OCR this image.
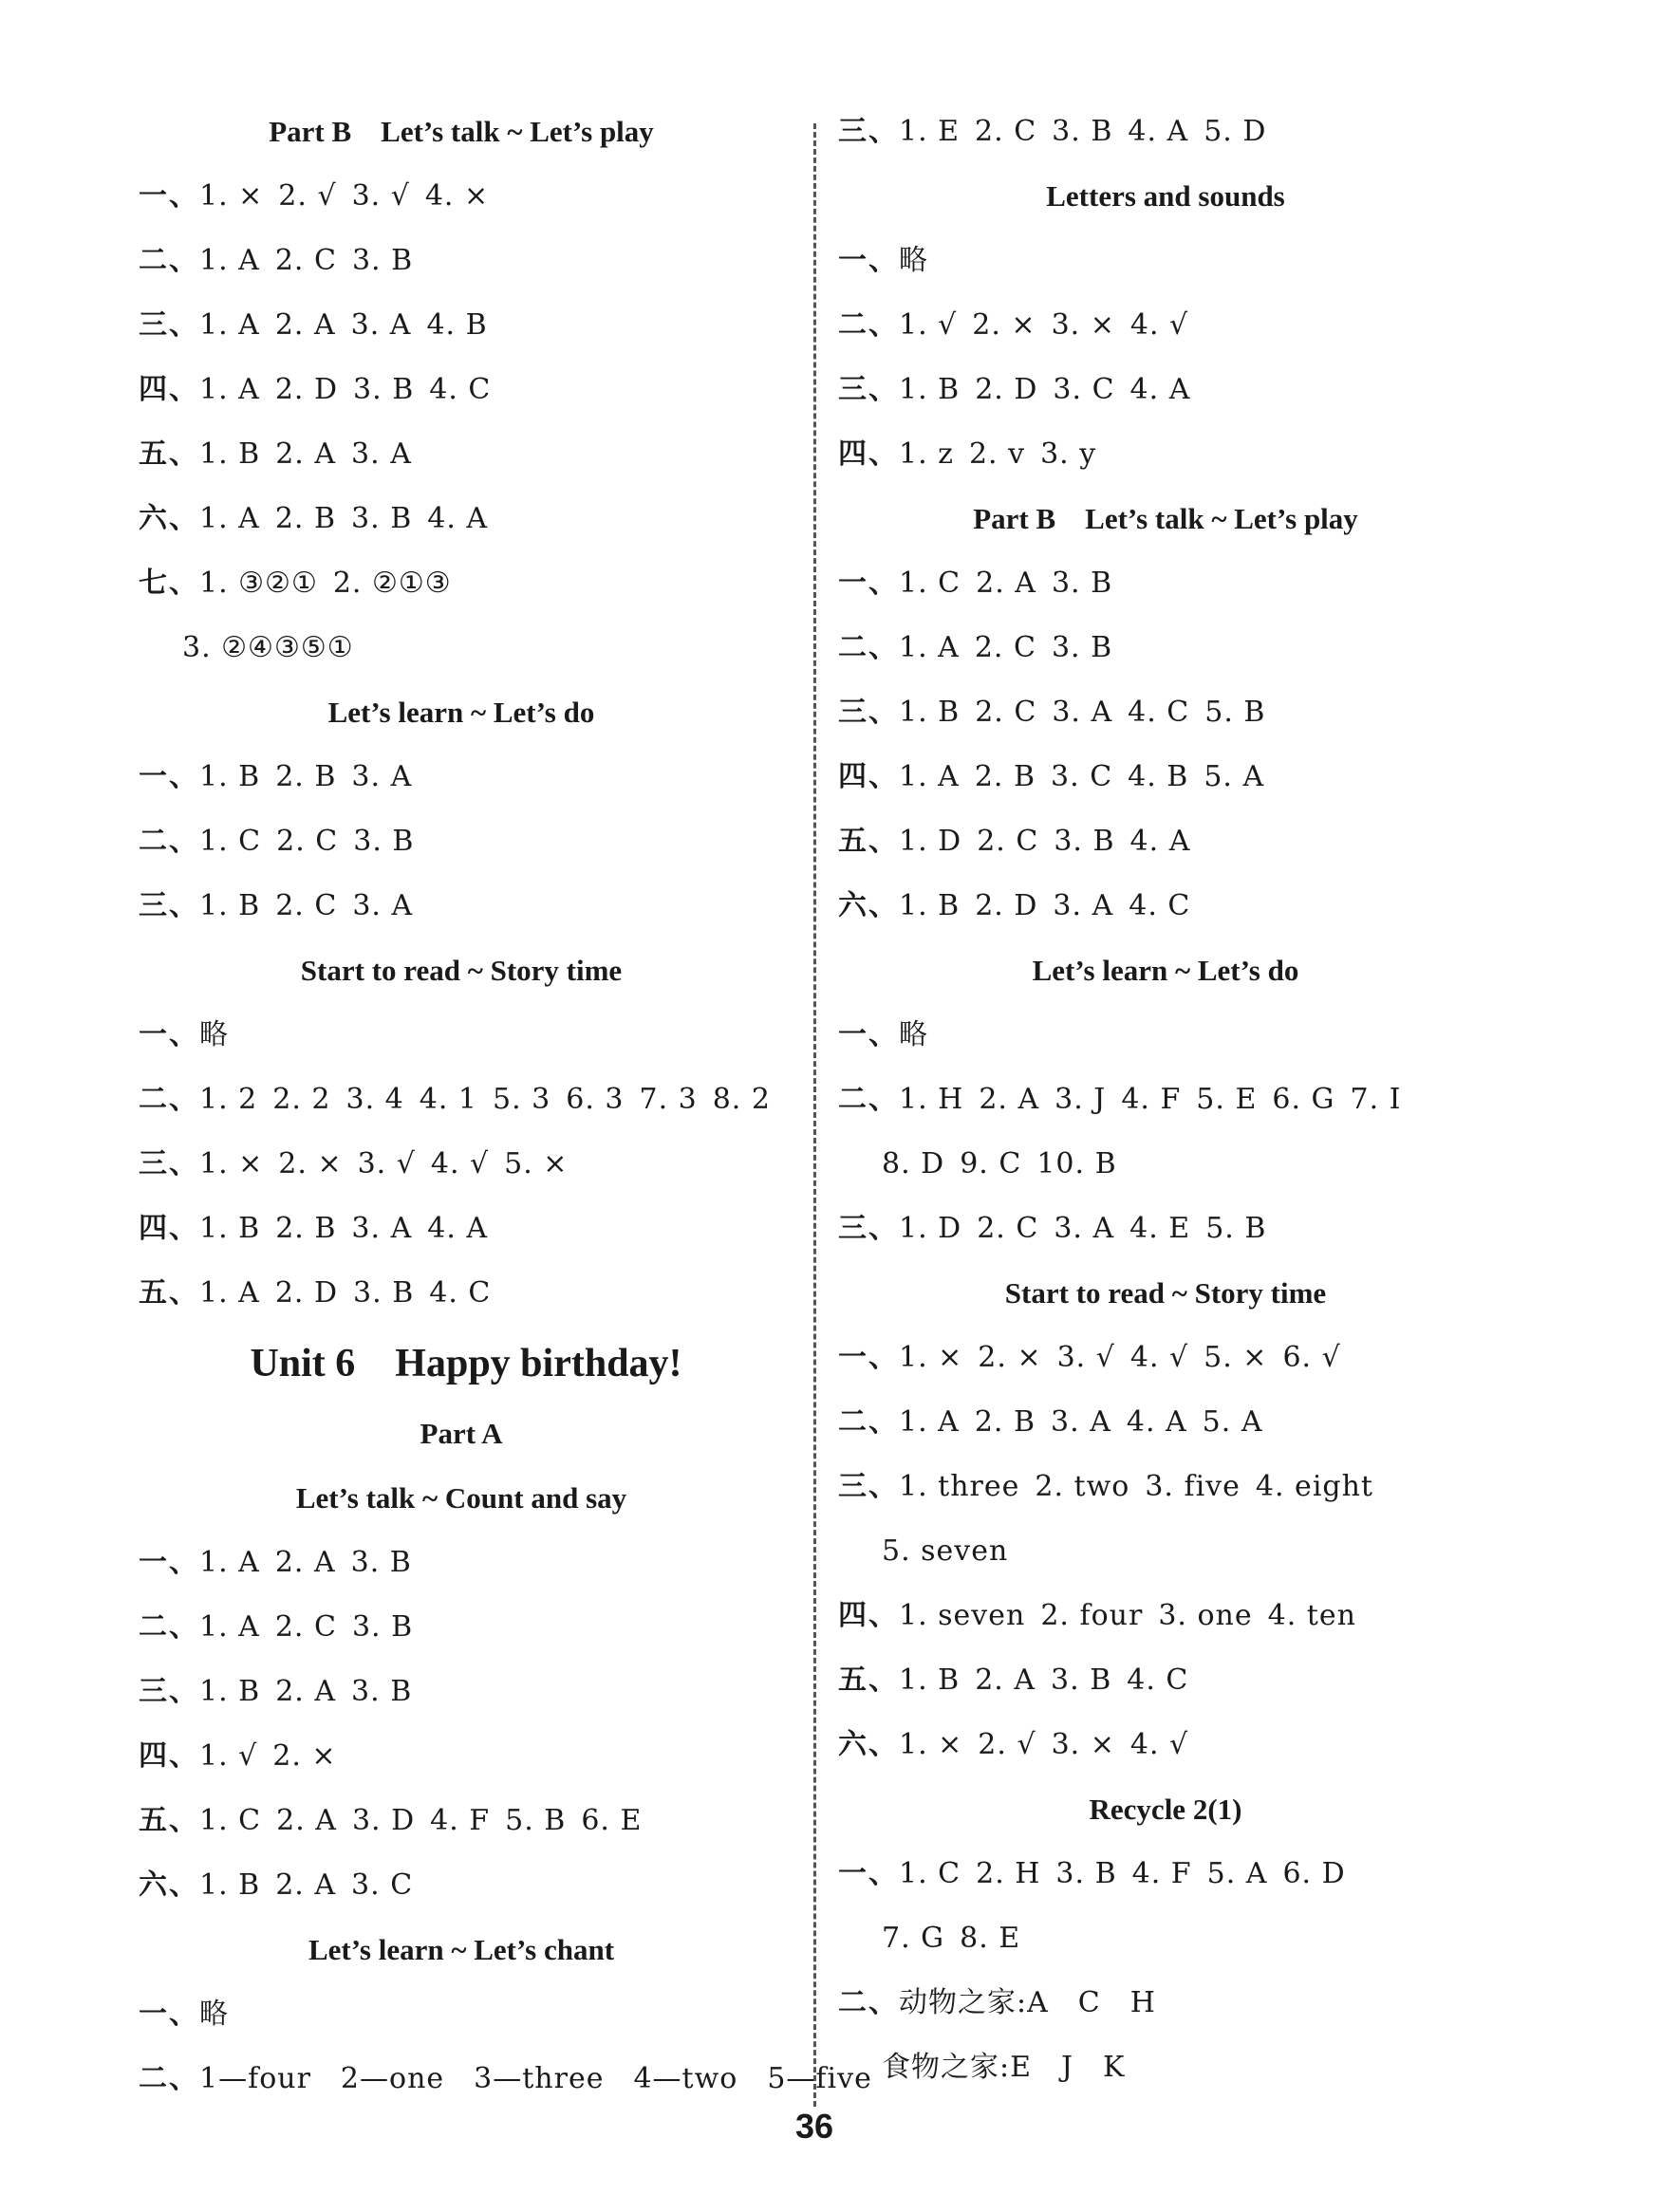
Part B Let’s talk ~ Let’s play
一、1. × 2. √ 3. √ 4. ×
二、1. A 2. C 3. B
三、1. A 2. A 3. A 4. B
四、1. A 2. D 3. B 4. C
五、1. B 2. A 3. A
六、1. A 2. B 3. B 4. A
七、1. ③②① 2. ②①③
3. ②④③⑤①
Let’s learn ~ Let’s do
一、1. B 2. B 3. A
二、1. C 2. C 3. B
三、1. B 2. C 3. A
Start to read ~ Story time
一、略
二、1. 2 2. 2 3. 4 4. 1 5. 3 6. 3 7. 3 8. 2
三、1. × 2. × 3. √ 4. √ 5. ×
四、1. B 2. B 3. A 4. A
五、1. A 2. D 3. B 4. C
Unit 6 Happy birthday!
Part A
Let’s talk ~ Count and say
一、1. A 2. A 3. B
二、1. A 2. C 3. B
三、1. B 2. A 3. B
四、1. √ 2. ×
五、1. C 2. A 3. D 4. F 5. B 6. E
六、1. B 2. A 3. C
Let’s learn ~ Let’s chant
一、略
二、1—four 2—one 3—three 4—two 5—five
三、1. E 2. C 3. B 4. A 5. D
Letters and sounds
一、略
二、1. √ 2. × 3. × 4. √
三、1. B 2. D 3. C 4. A
四、1. z 2. v 3. y
Part B Let’s talk ~ Let’s play
一、1. C 2. A 3. B
二、1. A 2. C 3. B
三、1. B 2. C 3. A 4. C 5. B
四、1. A 2. B 3. C 4. B 5. A
五、1. D 2. C 3. B 4. A
六、1. B 2. D 3. A 4. C
Let’s learn ~ Let’s do
一、略
二、1. H 2. A 3. J 4. F 5. E 6. G 7. I
8. D 9. C 10. B
三、1. D 2. C 3. A 4. E 5. B
Start to read ~ Story time
一、1. × 2. × 3. √ 4. √ 5. × 6. √
二、1. A 2. B 3. A 4. A 5. A
三、1. three 2. two 3. five 4. eight
5. seven
四、1. seven 2. four 3. one 4. ten
五、1. B 2. A 3. B 4. C
六、1. × 2. √ 3. × 4. √
Recycle 2(1)
一、1. C 2. H 3. B 4. F 5. A 6. D
7. G 8. E
二、动物之家:A C H
食物之家:E J K
36
